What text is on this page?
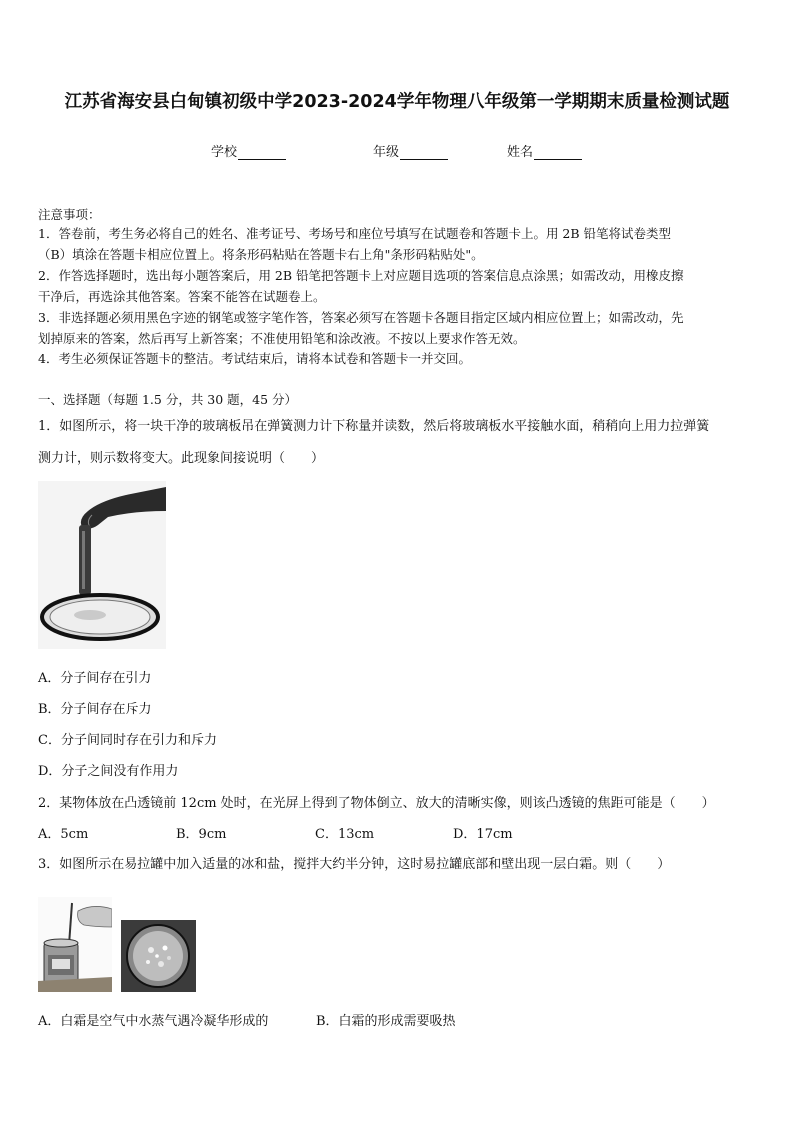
江苏省海安县白甸镇初级中学2023-2024学年物理八年级第一学期期末质量检测试题
学校	年级	姓名
注意事项：
1．答卷前，考生务必将自己的姓名、准考证号、考场号和座位号填写在试题卷和答题卡上。用 2B 铅笔将试卷类型
（B）填涂在答题卡相应位置上。将条形码粘贴在答题卡右上角"条形码粘贴处"。
2．作答选择题时，选出每小题答案后，用 2B 铅笔把答题卡上对应题目选项的答案信息点涂黑；如需改动，用橡皮擦
干净后，再选涂其他答案。答案不能答在试题卷上。
3．非选择题必须用黑色字迹的钢笔或签字笔作答，答案必须写在答题卡各题目指定区域内相应位置上；如需改动，先
划掉原来的答案，然后再写上新答案；不准使用铅笔和涂改液。不按以上要求作答无效。
4．考生必须保证答题卡的整洁。考试结束后，请将本试卷和答题卡一并交回。
一、选择题（每题 1.5 分，共 30 题，45 分）
1．如图所示，将一块干净的玻璃板吊在弹簧测力计下称量并读数，然后将玻璃板水平接触水面，稍稍向上用力拉弹簧
测力计，则示数将变大。此现象间接说明（　　）
A．分子间存在引力
B．分子间存在斥力
C．分子间同时存在引力和斥力
D．分子之间没有作用力
2．某物体放在凸透镜前 12cm 处时，在光屏上得到了物体倒立、放大的清晰实像，则该凸透镜的焦距可能是（　　）
A．5cm	B．9cm	C．13cm	D．17cm
3．如图所示在易拉罐中加入适量的冰和盐，搅拌大约半分钟，这时易拉罐底部和壁出现一层白霜。则（　　）
A．白霜是空气中水蒸气遇冷凝华形成的	B．白霜的形成需要吸热
